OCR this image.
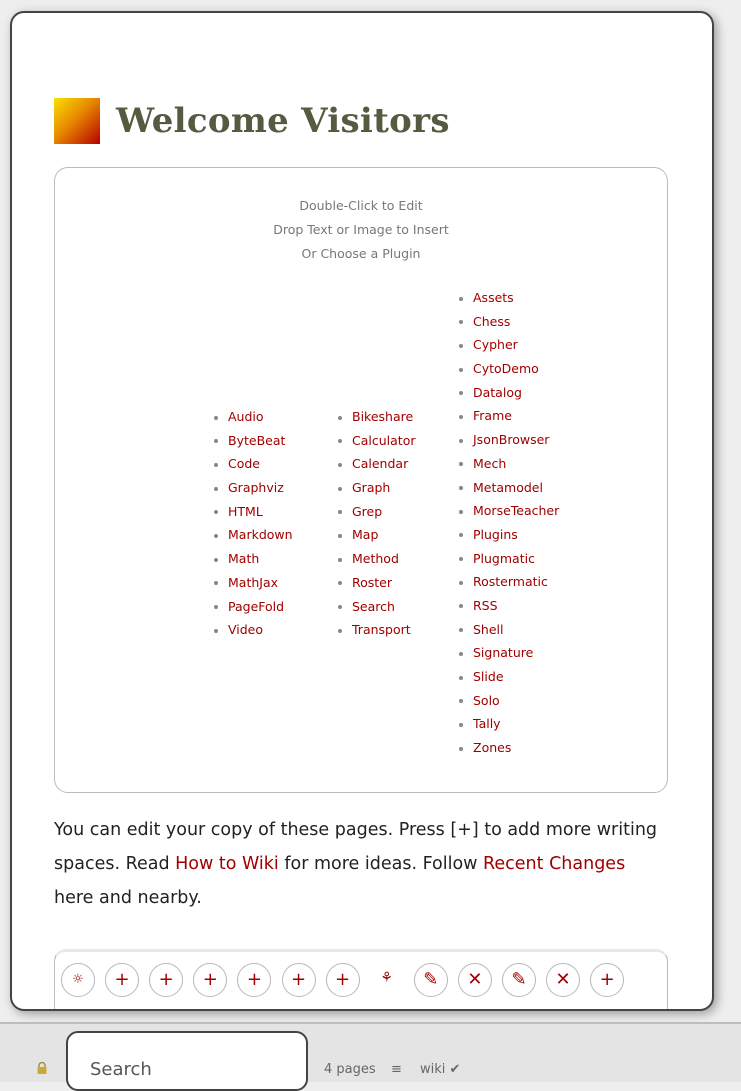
Welcome Visitors
Double-Click to Edit
Drop Text or Image to Insert
Or Choose a Plugin
Audio
ByteBeat
Code
Graphviz
HTML
Markdown
Math
MathJax
PageFold
Video
Bikeshare
Calculator
Calendar
Graph
Grep
Map
Method
Roster
Search
Transport
Assets
Chess
Cypher
CytoDemo
Datalog
Frame
JsonBrowser
Mech
Metamodel
MorseTeacher
Plugins
Plugmatic
Rostermatic
RSS
Shell
Signature
Slide
Solo
Tally
Zones
You can edit your copy of these pages. Press [+] to add more writing spaces. Read How to Wiki for more ideas. Follow Recent Changes here and nearby.
☼	+	+	+	+	+	+	⚘	✎	✕	✎	✕	+
Search
4 pages ≡ wiki ✔
